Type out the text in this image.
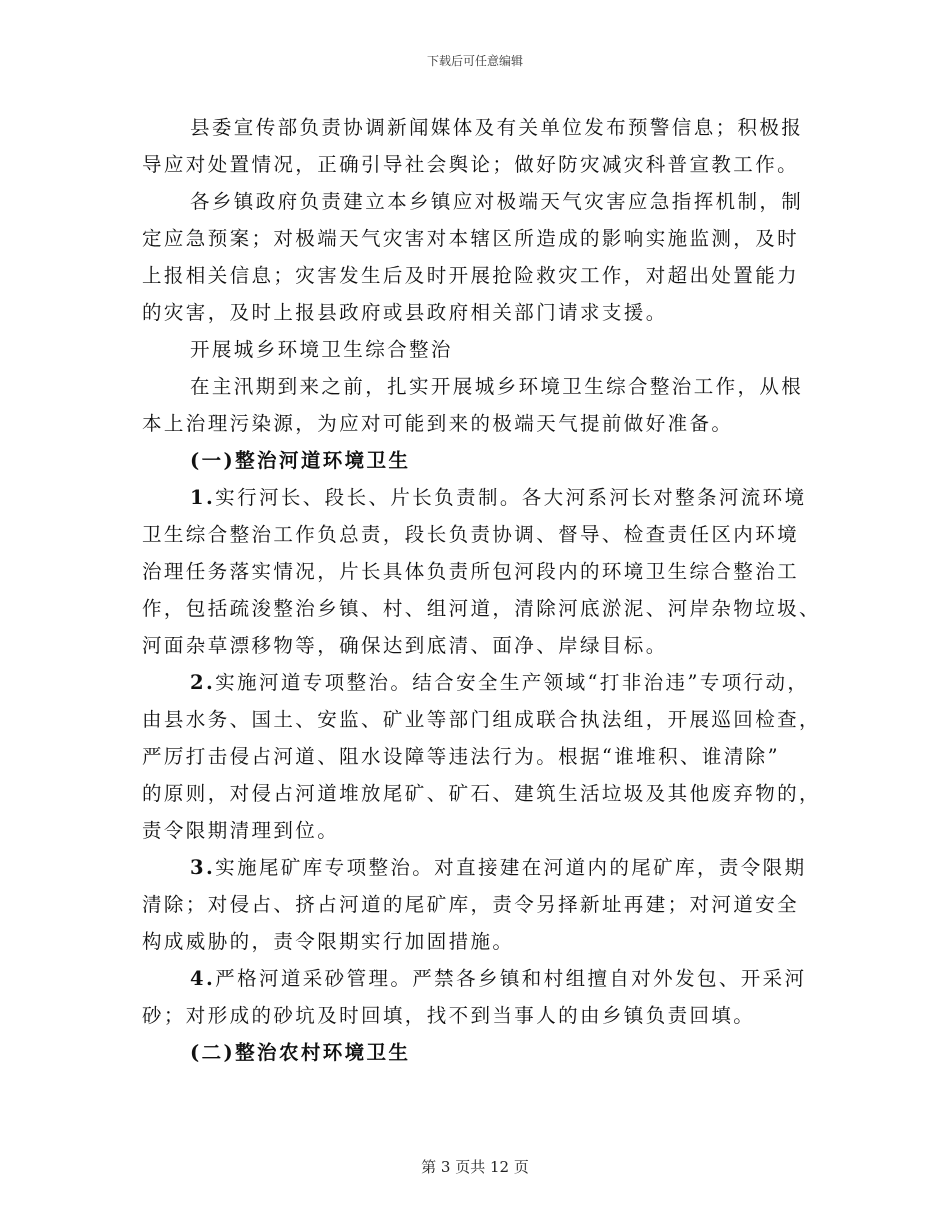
下载后可任意编辑
县委宣传部负责协调新闻媒体及有关单位发布预警信息；积极报
导应对处置情况，正确引导社会舆论；做好防灾减灾科普宣教工作。
各乡镇政府负责建立本乡镇应对极端天气灾害应急指挥机制，制
定应急预案；对极端天气灾害对本辖区所造成的影响实施监测，及时
上报相关信息；灾害发生后及时开展抢险救灾工作，对超出处置能力
的灾害，及时上报县政府或县政府相关部门请求支援。
开展城乡环境卫生综合整治
在主汛期到来之前，扎实开展城乡环境卫生综合整治工作，从根
本上治理污染源，为应对可能到来的极端天气提前做好准备。
(一)整治河道环境卫生
1.实行河长、段长、片长负责制。各大河系河长对整条河流环境
卫生综合整治工作负总责，段长负责协调、督导、检查责任区内环境
治理任务落实情况，片长具体负责所包河段内的环境卫生综合整治工
作，包括疏浚整治乡镇、村、组河道，清除河底淤泥、河岸杂物垃圾、
河面杂草漂移物等，确保达到底清、面净、岸绿目标。
2.实施河道专项整治。结合安全生产领域“打非治违”专项行动，
由县水务、国土、安监、矿业等部门组成联合执法组，开展巡回检查，
严厉打击侵占河道、阻水设障等违法行为。根据“谁堆积、谁清除”
的原则，对侵占河道堆放尾矿、矿石、建筑生活垃圾及其他废弃物的，
责令限期清理到位。
3.实施尾矿库专项整治。对直接建在河道内的尾矿库，责令限期
清除；对侵占、挤占河道的尾矿库，责令另择新址再建；对河道安全
构成威胁的，责令限期实行加固措施。
4.严格河道采砂管理。严禁各乡镇和村组擅自对外发包、开采河
砂；对形成的砂坑及时回填，找不到当事人的由乡镇负责回填。
(二)整治农村环境卫生
第 3 页共 12 页
